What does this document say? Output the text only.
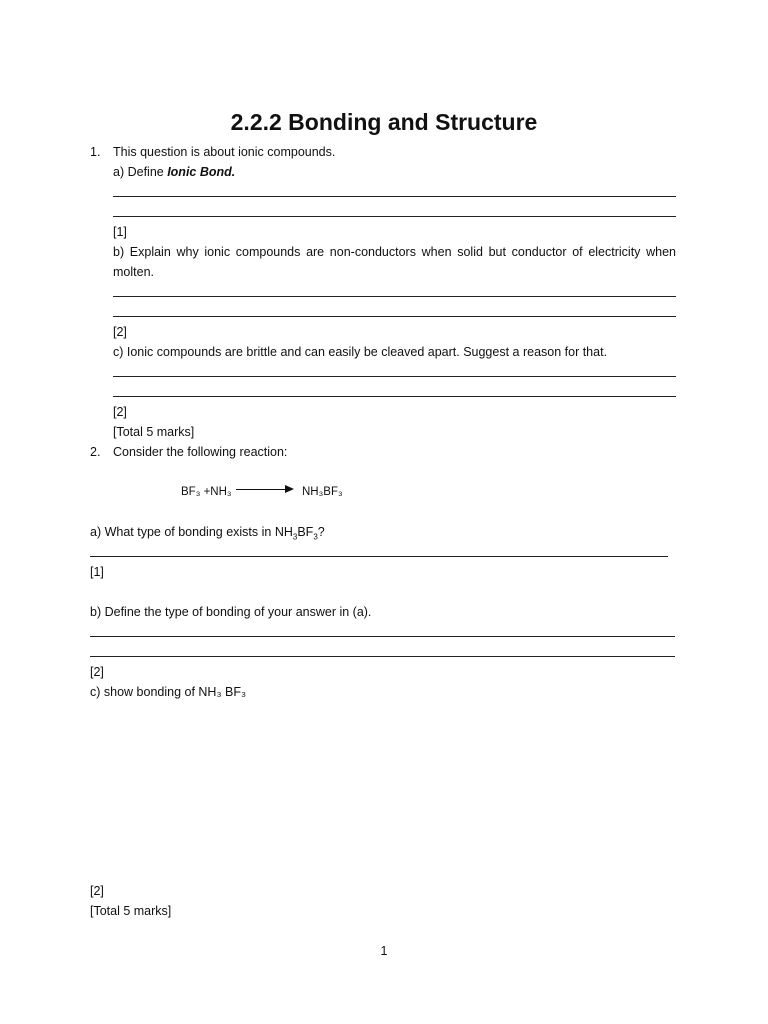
2.2.2 Bonding and Structure
1. This question is about ionic compounds.
a) Define Ionic Bond.
[1]
b) Explain why ionic compounds are non-conductors when solid but conductor of electricity when
molten.
[2]
c) Ionic compounds are brittle and can easily be cleaved apart. Suggest a reason for that.
[2]
[Total 5 marks]
2. Consider the following reaction:
BF₃ +NH₃	NH₃BF₃
a) What type of bonding exists in $NH_3BF_3$?
[1]
b) Define the type of bonding of your answer in (a).
[2]
c) show bonding of NH₃ BF₃
[2]
[Total 5 marks]
1
